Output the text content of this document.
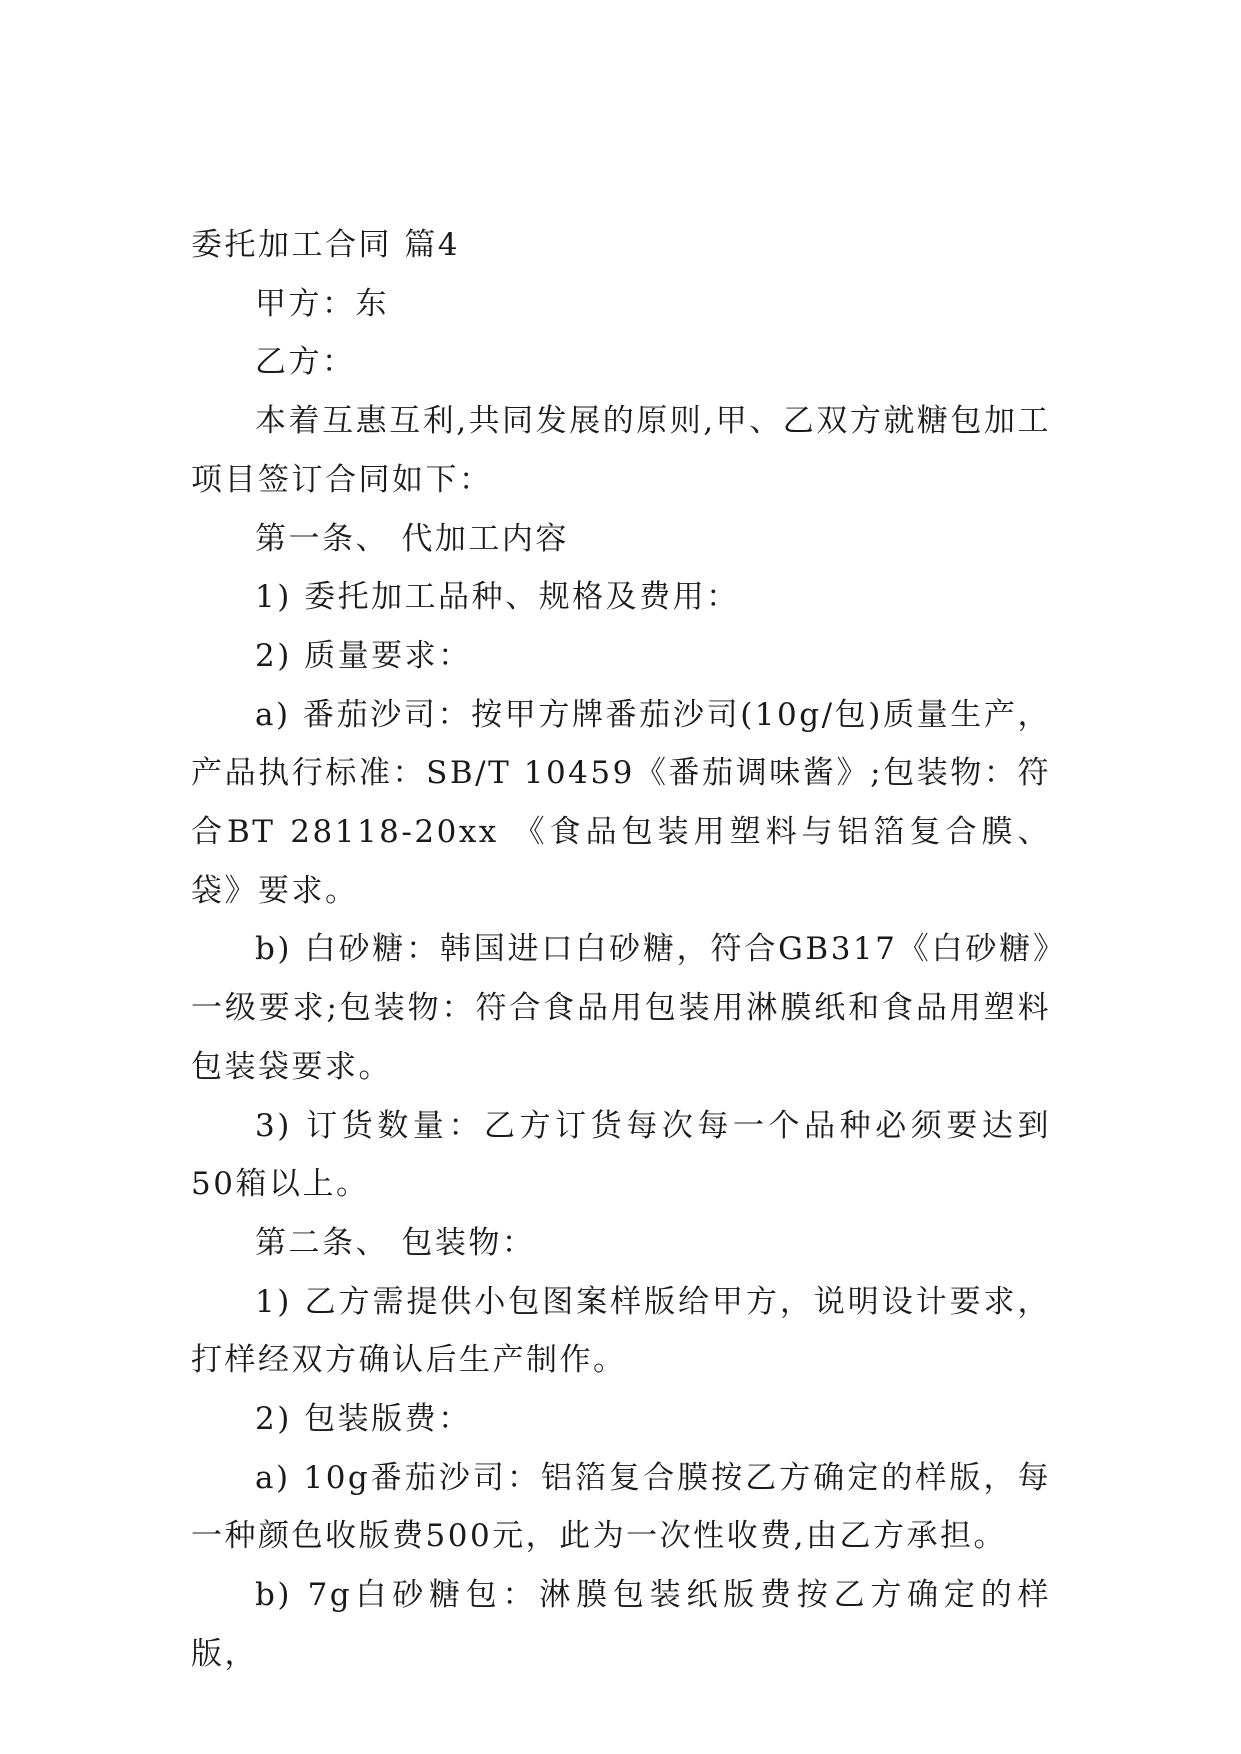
委托加工合同 篇4

甲方：东

乙方：

本着互惠互利,共同发展的原则,甲、乙双方就糖包加工项目签订合同如下：

第一条、 代加工内容

1) 委托加工品种、规格及费用：

2) 质量要求：

a) 番茄沙司：按甲方牌番茄沙司(10g/包)质量生产，产品执行标准：SB/T 10459《番茄调味酱》;包装物：符合BT 28118-20xx 《食品包装用塑料与铝箔复合膜、袋》要求。

b) 白砂糖：韩国进口白砂糖，符合GB317《白砂糖》一级要求;包装物：符合食品用包装用淋膜纸和食品用塑料包装袋要求。

3) 订货数量：乙方订货每次每一个品种必须要达到50箱以上。

第二条、 包装物：

1) 乙方需提供小包图案样版给甲方，说明设计要求，打样经双方确认后生产制作。

2) 包装版费：

a) 10g番茄沙司：铝箔复合膜按乙方确定的样版，每一种颜色收版费500元，此为一次性收费,由乙方承担。

b) 7g白砂糖包：淋膜包装纸版费按乙方确定的样版，
